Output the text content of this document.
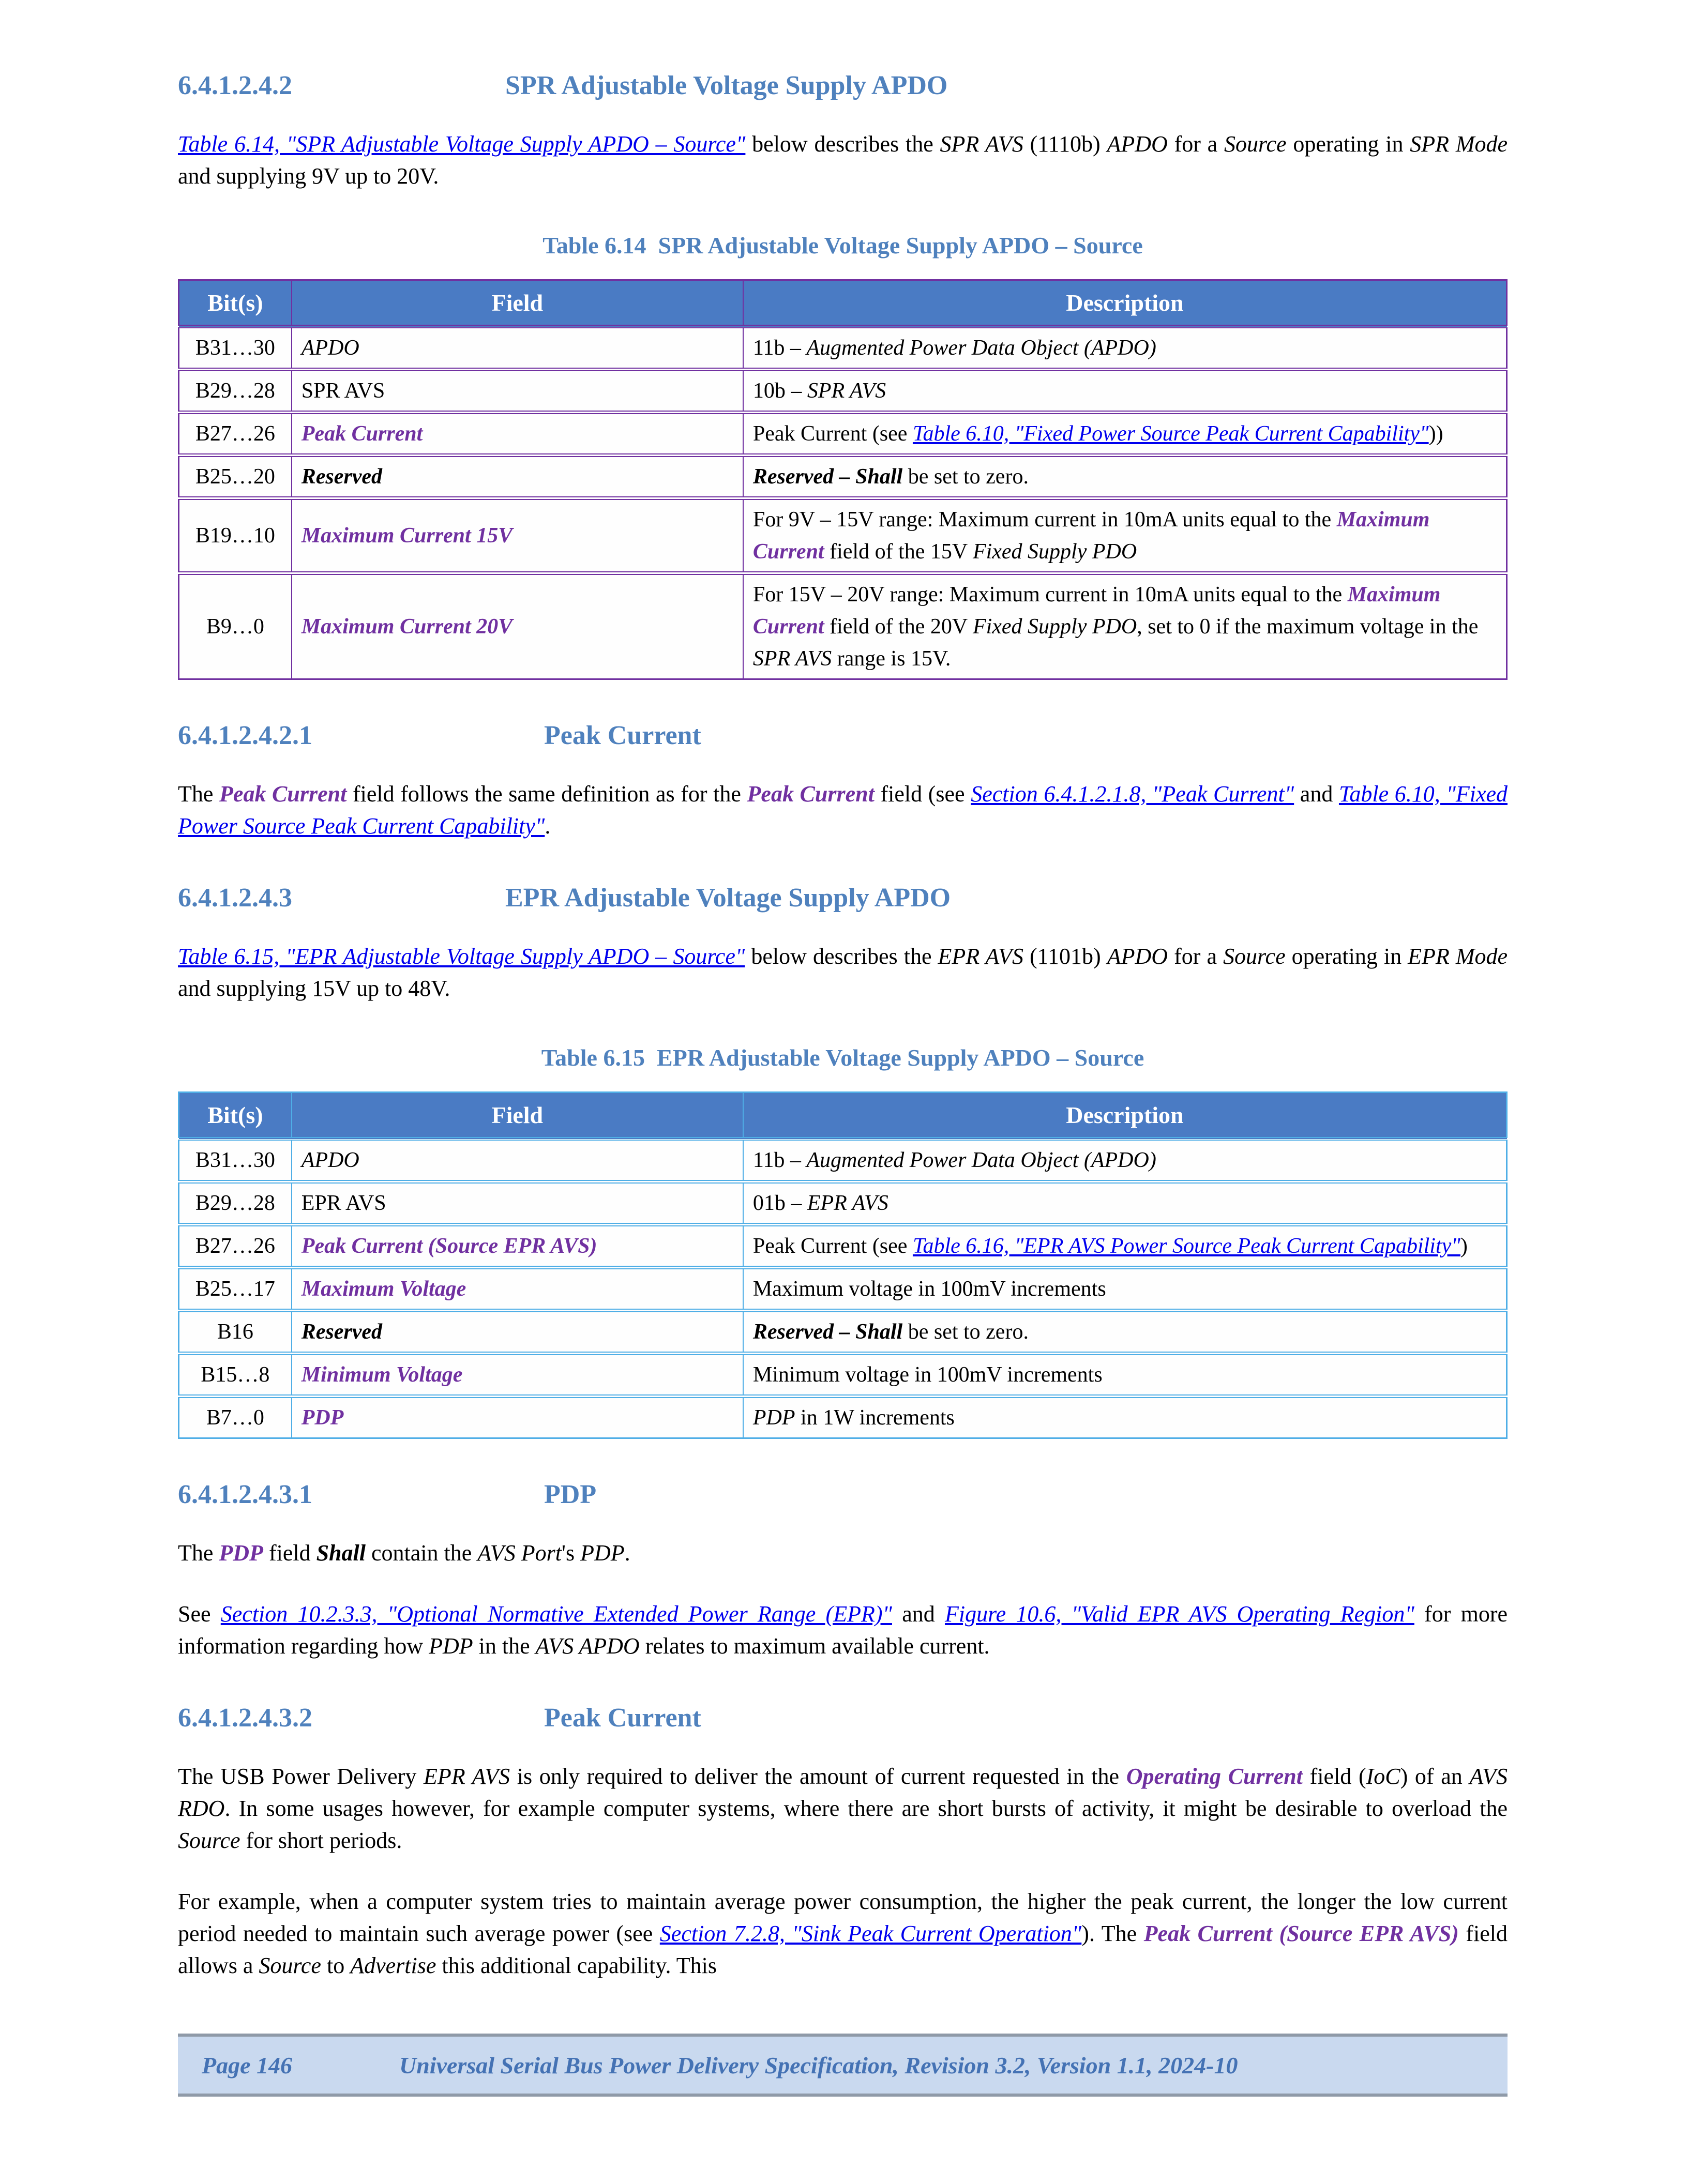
6.4.1.2.4.2	SPR Adjustable Voltage Supply APDO

Table 6.14, "SPR Adjustable Voltage Supply APDO – Source" below describes the SPR AVS (1110b) APDO for a Source operating in SPR Mode and supplying 9V up to 20V.

Table 6.14  SPR Adjustable Voltage Supply APDO – Source
Bit(s)	Field	Description
B31…30	APDO	11b – Augmented Power Data Object (APDO)
B29…28	SPR AVS	10b – SPR AVS
B27…26	Peak Current	Peak Current (see Table 6.10, "Fixed Power Source Peak Current Capability"))
B25…20	Reserved	Reserved – Shall be set to zero.
B19…10	Maximum Current 15V	For 9V – 15V range: Maximum current in 10mA units equal to the Maximum Current field of the 15V Fixed Supply PDO
B9…0	Maximum Current 20V	For 15V – 20V range: Maximum current in 10mA units equal to the Maximum Current field of the 20V Fixed Supply PDO, set to 0 if the maximum voltage in the SPR AVS range is 15V.
6.4.1.2.4.2.1	Peak Current

The Peak Current field follows the same definition as for the Peak Current field (see Section 6.4.1.2.1.8, "Peak Current" and Table 6.10, "Fixed Power Source Peak Current Capability".

6.4.1.2.4.3	EPR Adjustable Voltage Supply APDO

Table 6.15, "EPR Adjustable Voltage Supply APDO – Source" below describes the EPR AVS (1101b) APDO for a Source operating in EPR Mode and supplying 15V up to 48V.

Table 6.15  EPR Adjustable Voltage Supply APDO – Source
Bit(s)	Field	Description
B31…30	APDO	11b – Augmented Power Data Object (APDO)
B29…28	EPR AVS	01b – EPR AVS
B27…26	Peak Current (Source EPR AVS)	Peak Current (see Table 6.16, "EPR AVS Power Source Peak Current Capability")
B25…17	Maximum Voltage	Maximum voltage in 100mV increments
B16	Reserved	Reserved – Shall be set to zero.
B15…8	Minimum Voltage	Minimum voltage in 100mV increments
B7…0	PDP	PDP in 1W increments
6.4.1.2.4.3.1	PDP

The PDP field Shall contain the AVS Port's PDP.

See Section 10.2.3.3, "Optional Normative Extended Power Range (EPR)" and Figure 10.6, "Valid EPR AVS Operating Region" for more information regarding how PDP in the AVS APDO relates to maximum available current.

6.4.1.2.4.3.2	Peak Current

The USB Power Delivery EPR AVS is only required to deliver the amount of current requested in the Operating Current field (IoC) of an AVS RDO. In some usages however, for example computer systems, where there are short bursts of activity, it might be desirable to overload the Source for short periods.

For example, when a computer system tries to maintain average power consumption, the higher the peak current, the longer the low current period needed to maintain such average power (see Section 7.2.8, "Sink Peak Current Operation"). The Peak Current (Source EPR AVS) field allows a Source to Advertise this additional capability. This

Page 146	Universal Serial Bus Power Delivery Specification, Revision 3.2, Version 1.1, 2024-10
